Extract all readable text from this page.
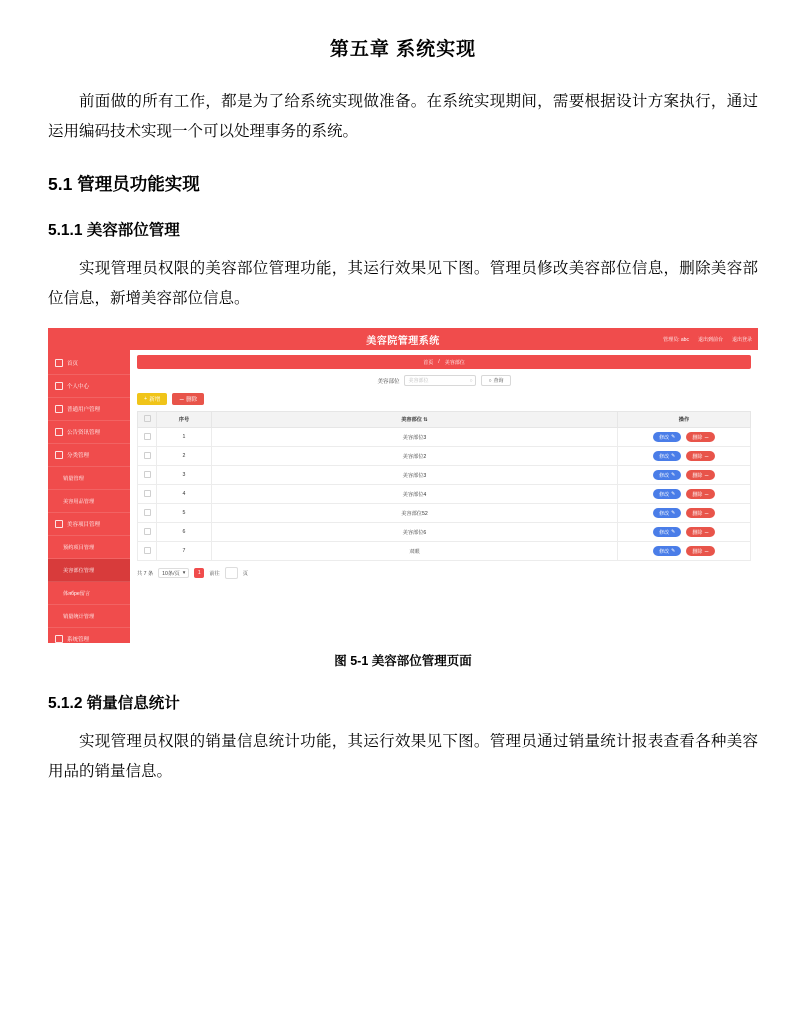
第五章 系统实现

前面做的所有工作，都是为了给系统实现做准备。在系统实现期间，需要根据设计方案执行，通过运用编码技术实现一个可以处理事务的系统。

5.1 管理员功能实现
5.1.1 美容部位管理

实现管理员权限的美容部位管理功能，其运行效果见下图。管理员修改美容部位信息，删除美容部位信息，新增美容部位信息。

美容院管理系统	管理员: abc 退出到前台 退出登录
首页
个人中心
普通用户管理
公告资讯管理
分类管理
销量管理
美容用品管理
美容项目管理
预约项目管理
美容部位管理
体ябре留言
销量统计管理
系统管理
订单管理
首页 / 美容部位
美容部位 美容部位	○	○ 查询
+ 新增	⚊ 删除
	序号	美容部位 ⇅	操作
	1	美容部位3	修改 ✎ 删除 ⚊

	2	美容部位2	修改 ✎ 删除 ⚊

	3	美容部位3	修改 ✎ 删除 ⚊

	4	美容部位4	修改 ✎ 删除 ⚊

	5	美容部位52	修改 ✎ 删除 ⚊

	6	美容部位6	修改 ✎ 删除 ⚊

	7	双眼	修改 ✎ 删除 ⚊
共 7 条 10条/页 ▾	1	前往	页
图 5-1 美容部位管理页面
5.1.2 销量信息统计

实现管理员权限的销量信息统计功能，其运行效果见下图。管理员通过销量统计报表查看各种美容用品的销量信息。
